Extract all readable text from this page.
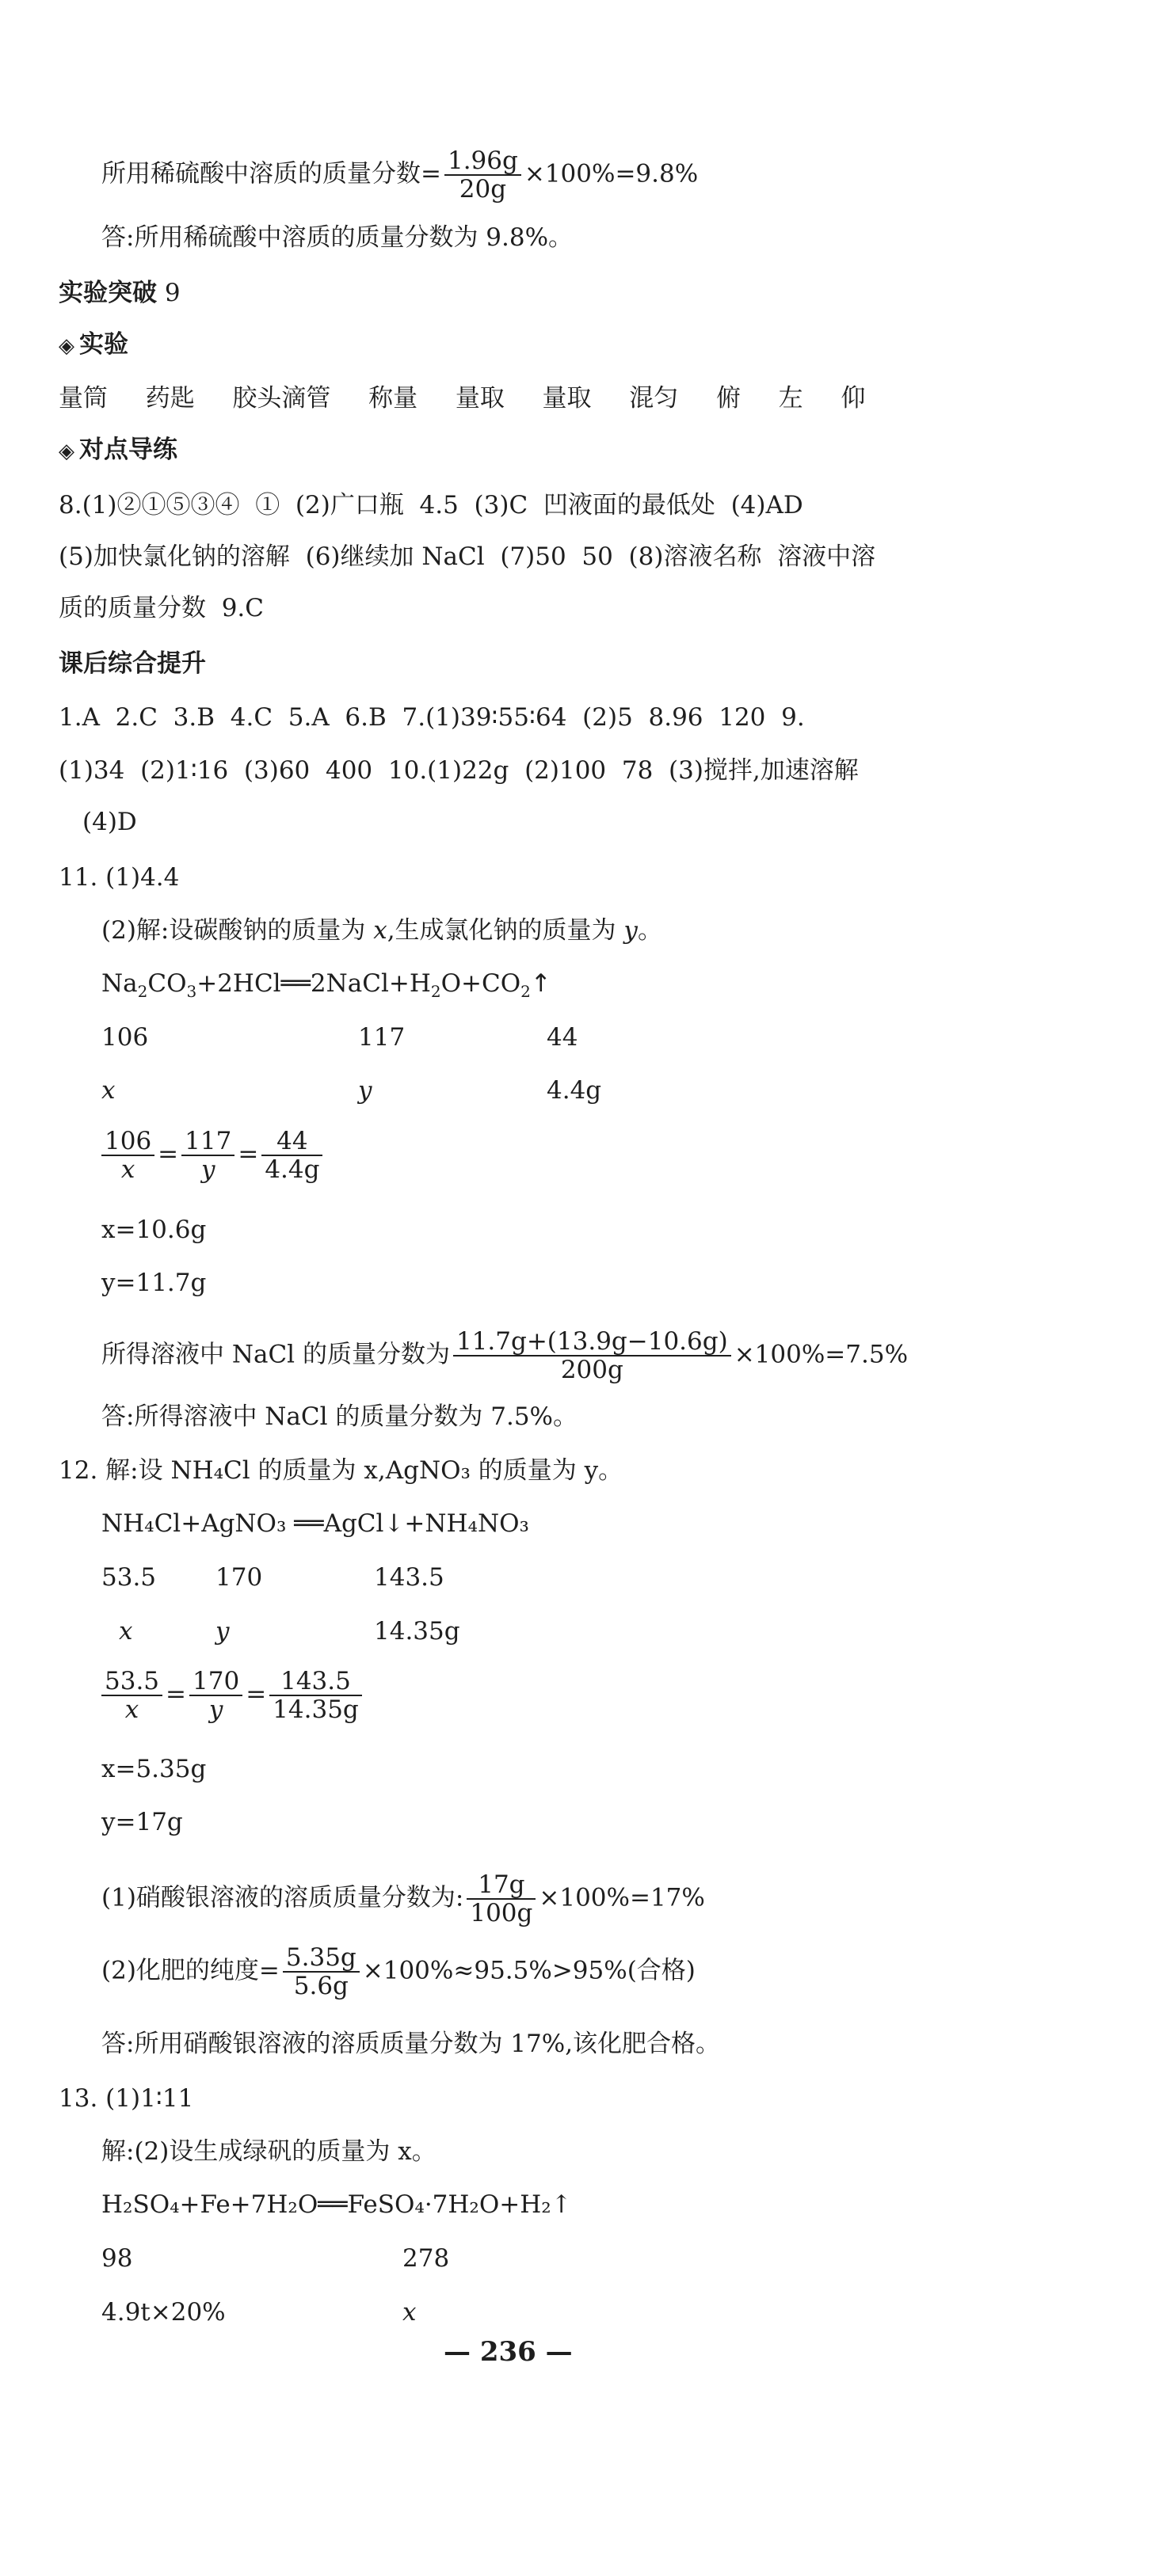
所用稀硫酸中溶质的质量分数= $\frac{1.96g}{20g} \times 100\%=9.8\%$
答:所用稀硫酸中溶质的质量分数为 9.8%。
实验突破 9
◈ 实验
量筒  药匙  胶头滴管  称量  量取  量取  混匀  俯  左  仰
◈ 对点导练
8.(1)②①⑤③④  ①  (2)广口瓶  4.5  (3)C  凹液面的最低处  (4)AD
(5)加快氯化钠的溶解  (6)继续加 NaCl  (7)50  50  (8)溶液名称  溶液中溶
质的质量分数  9.C
课后综合提升
1.A  2.C  3.B  4.C  5.A  6.B  7.(1)39∶55∶64  (2)5  8.96  120  9.
(1)34  (2)1∶16  (3)60  400  10.(1)22g  (2)100  78  (3)搅拌,加速溶解
(4)D
11. (1)4.4
(2)解:设碳酸钠的质量为 x,生成氯化钠的质量为 y。
$Na_2CO_3+2HCl══2NaCl+H_2O+CO_2↑$
106	117	44
x	y	4.4g
$\frac{106}{x} = \frac{117}{y} = \frac{44}{4.4g}$
x=10.6g
y=11.7g
所得溶液中 NaCl 的质量分数为 $\frac{11.7g+(13.9g-10.6g)}{200g} \times 100\%=7.5\%$
答:所得溶液中 NaCl 的质量分数为 7.5%。
12. 解:设 NH₄Cl 的质量为 x,AgNO₃ 的质量为 y。
NH₄Cl+AgNO₃ ══AgCl↓+NH₄NO₃
53.5 170	143.5
x	y	14.35g
$\frac{53.5}{x} = \frac{170}{y} = \frac{143.5}{14.35g}$
x=5.35g
y=17g
(1)硝酸银溶液的溶质质量分数为: $\frac{17g}{100g} \times 100\%=17\%$
(2)化肥的纯度= $\frac{5.35g}{5.6g} \times 100\%\approx 95.5\%>95\%$(合格)
答:所用硝酸银溶液的溶质质量分数为 17%,该化肥合格。
13. (1)1∶11
解:(2)设生成绿矾的质量为 x。
H₂SO₄+Fe+7H₂O══FeSO₄·7H₂O+H₂↑
98	278
4.9t×20%	x
— 236 —
